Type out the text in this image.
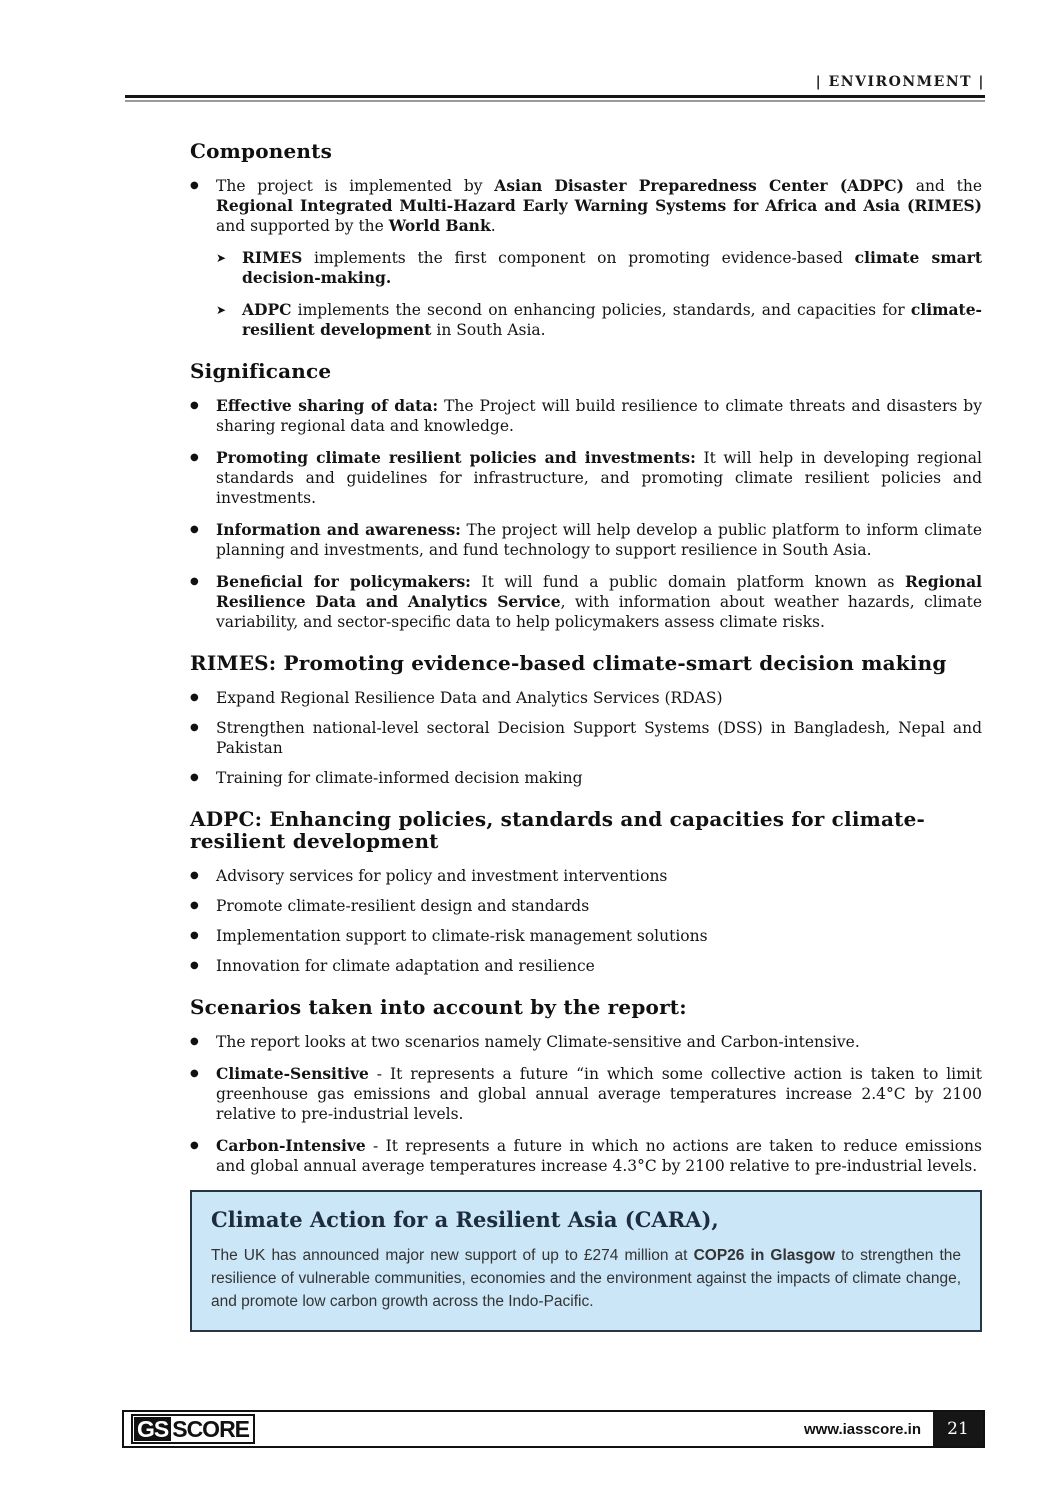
| ENVIRONMENT |
Components
●	The project is implemented by Asian Disaster Preparedness Center (ADPC) and the Regional Integrated Multi-Hazard Early Warning Systems for Africa and Asia (RIMES) and supported by the World Bank.
➤	RIMES implements the first component on promoting evidence-based climate smart decision-making.
➤	ADPC implements the second on enhancing policies, standards, and capacities for climate-resilient development in South Asia.
Significance
●	Effective sharing of data: The Project will build resilience to climate threats and disasters by sharing regional data and knowledge.
●	Promoting climate resilient policies and investments: It will help in developing regional standards and guidelines for infrastructure, and promoting climate resilient policies and investments.
●	Information and awareness: The project will help develop a public platform to inform climate planning and investments, and fund technology to support resilience in South Asia.
●	Beneficial for policymakers: It will fund a public domain platform known as Regional Resilience Data and Analytics Service, with information about weather hazards, climate variability, and sector-specific data to help policymakers assess climate risks.
RIMES: Promoting evidence-based climate-smart decision making
●	Expand Regional Resilience Data and Analytics Services (RDAS)
●	Strengthen national-level sectoral Decision Support Systems (DSS) in Bangladesh, Nepal and Pakistan
●	Training for climate-informed decision making
ADPC: Enhancing policies, standards and capacities for climate-resilient development
●	Advisory services for policy and investment interventions
●	Promote climate-resilient design and standards
●	Implementation support to climate-risk management solutions
●	Innovation for climate adaptation and resilience
Scenarios taken into account by the report:
●	The report looks at two scenarios namely Climate-sensitive and Carbon-intensive.
●	Climate-Sensitive - It represents a future “in which some collective action is taken to limit greenhouse gas emissions and global annual average temperatures increase 2.4°C by 2100 relative to pre-industrial levels.
●	Carbon-Intensive - It represents a future in which no actions are taken to reduce emissions and global annual average temperatures increase 4.3°C by 2100 relative to pre-industrial levels.
Climate Action for a Resilient Asia (CARA),
The UK has announced major new support of up to £274 million at COP26 in Glasgow to strengthen the resilience of vulnerable communities, economies and the environment against the impacts of climate change, and promote low carbon growth across the Indo-Pacific.
GS SCORE	www.iasscore.in	21
